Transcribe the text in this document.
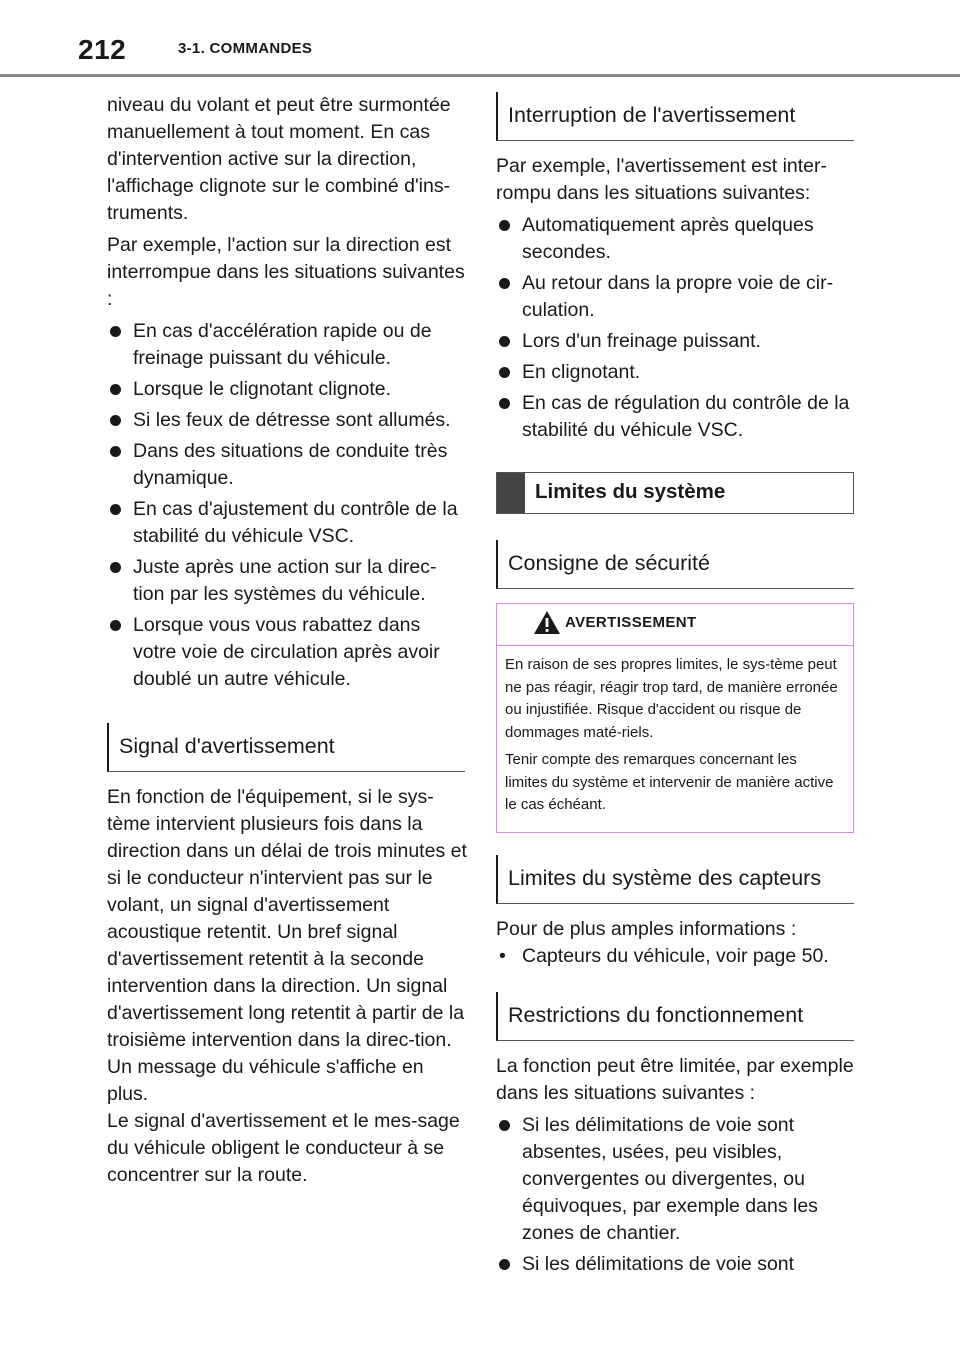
212	3-1. COMMANDES

niveau du volant et peut être surmontée manuellement à tout moment. En cas d'intervention active sur la direction, l'affichage clignote sur le combiné d'ins-truments.

Par exemple, l'action sur la direction est interrompue dans les situations suivantes :

En cas d'accélération rapide ou de freinage puissant du véhicule.
Lorsque le clignotant clignote.
Si les feux de détresse sont allumés.
Dans des situations de conduite très dynamique.
En cas d'ajustement du contrôle de la stabilité du véhicule VSC.
Juste après une action sur la direc-tion par les systèmes du véhicule.
Lorsque vous vous rabattez dans votre voie de circulation après avoir doublé un autre véhicule.
Signal d'avertissement

En fonction de l'équipement, si le sys-tème intervient plusieurs fois dans la direction dans un délai de trois minutes et si le conducteur n'intervient pas sur le volant, un signal d'avertissement acoustique retentit. Un bref signal d'avertissement retentit à la seconde intervention dans la direction. Un signal d'avertissement long retentit à partir de la troisième intervention dans la direc-tion.

Un message du véhicule s'affiche en plus.

Le signal d'avertissement et le mes-sage du véhicule obligent le conducteur à se concentrer sur la route.

Interruption de l'avertissement

Par exemple, l'avertissement est inter-rompu dans les situations suivantes:

Automatiquement après quelques secondes.
Au retour dans la propre voie de cir-culation.
Lors d'un freinage puissant.
En clignotant.
En cas de régulation du contrôle de la stabilité du véhicule VSC.
Limites du système
Consigne de sécurité
AVERTISSEMENT

En raison de ses propres limites, le sys-tème peut ne pas réagir, réagir trop tard, de manière erronée ou injustifiée. Risque d'accident ou risque de dommages maté-riels.

Tenir compte des remarques concernant les limites du système et intervenir de manière active le cas échéant.

Limites du système des capteurs

Pour de plus amples informations :

• Capteurs du véhicule, voir page 50.
Restrictions du fonctionnement

La fonction peut être limitée, par exemple dans les situations suivantes :

Si les délimitations de voie sont absentes, usées, peu visibles, convergentes ou divergentes, ou équivoques, par exemple dans les zones de chantier.
Si les délimitations de voie sont
